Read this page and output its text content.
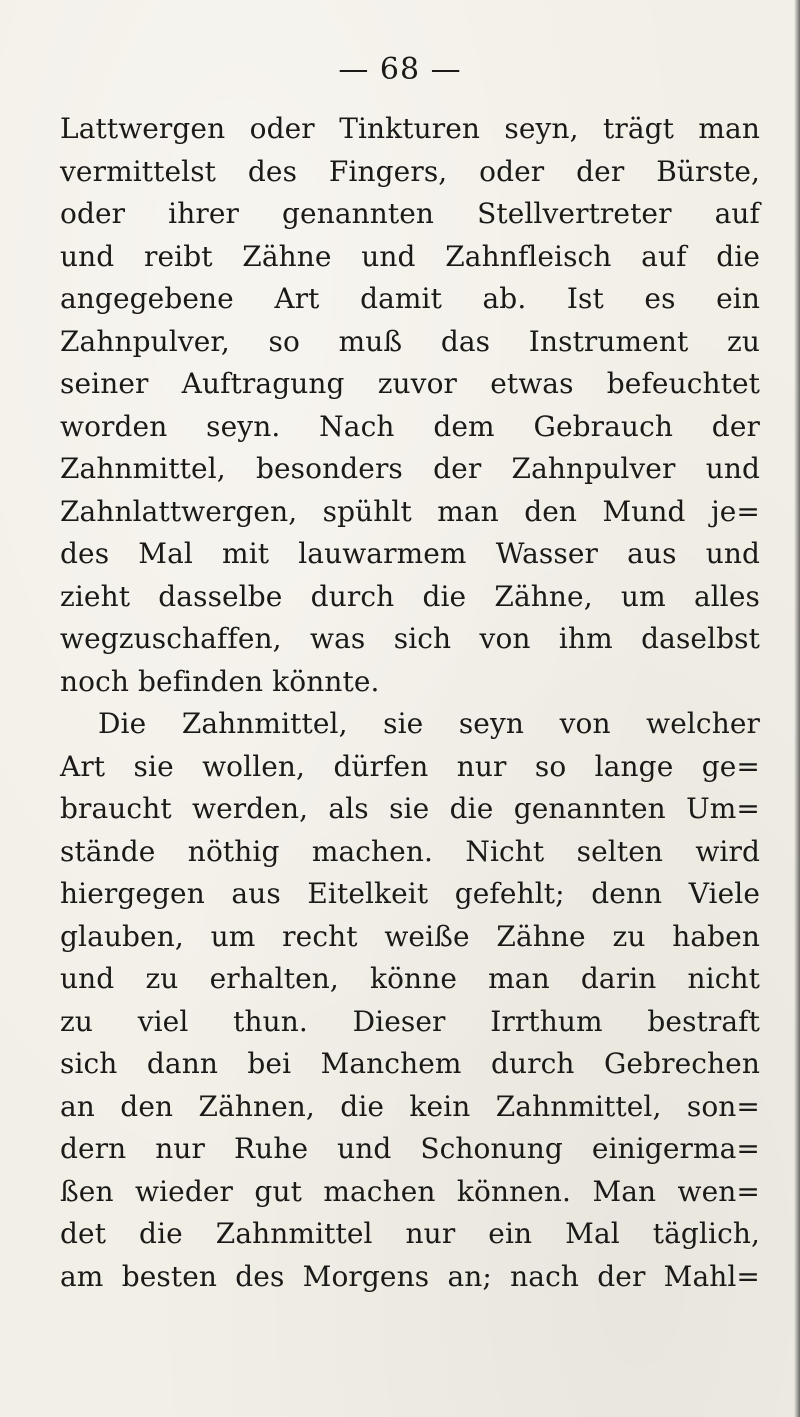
— 68 —
Lattwergen oder Tinkturen seyn, trägt man
vermittelst des Fingers, oder der Bürste,
oder ihrer genannten Stellvertreter auf
und reibt Zähne und Zahnfleisch auf die
angegebene Art damit ab. Ist es ein
Zahnpulver, so muß das Instrument zu
seiner Auftragung zuvor etwas befeuchtet
worden seyn. Nach dem Gebrauch der
Zahnmittel, besonders der Zahnpulver und
Zahnlattwergen, spühlt man den Mund je=
des Mal mit lauwarmem Wasser aus und
zieht dasselbe durch die Zähne, um alles
wegzuschaffen, was sich von ihm daselbst
noch befinden könnte.
Die Zahnmittel, sie seyn von welcher
Art sie wollen, dürfen nur so lange ge=
braucht werden, als sie die genannten Um=
stände nöthig machen. Nicht selten wird
hiergegen aus Eitelkeit gefehlt; denn Viele
glauben, um recht weiße Zähne zu haben
und zu erhalten, könne man darin nicht
zu viel thun. Dieser Irrthum bestraft
sich dann bei Manchem durch Gebrechen
an den Zähnen, die kein Zahnmittel, son=
dern nur Ruhe und Schonung einigerma=
ßen wieder gut machen können. Man wen=
det die Zahnmittel nur ein Mal täglich,
am besten des Morgens an; nach der Mahl=
